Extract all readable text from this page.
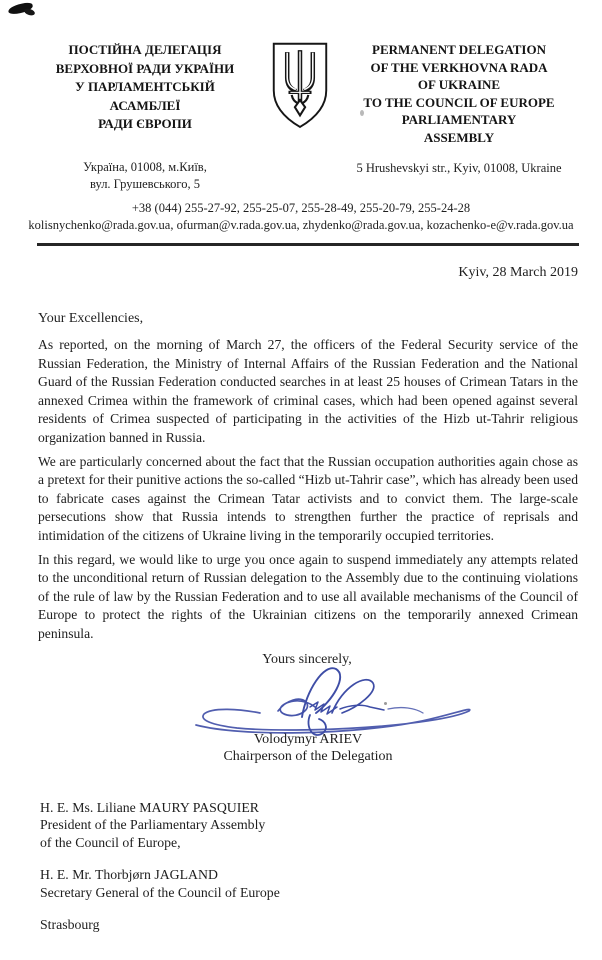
ПОСТІЙНА ДЕЛЕГАЦІЯ
ВЕРХОВНОЇ РАДИ УКРАЇНИ
У ПАРЛАМЕНТСЬКІЙ
АСАМБЛЕЇ
РАДИ ЄВРОПИ
PERMANENT DELEGATION
OF THE VERKHOVNA RADA
OF UKRAINE
TO THE COUNCIL OF EUROPE
PARLIAMENTARY
ASSEMBLY
Україна, 01008, м.Київ,
вул. Грушевського, 5
5 Hrushevskyi str., Kyiv, 01008, Ukraine
+38 (044) 255-27-92, 255-25-07, 255-28-49, 255-20-79, 255-24-28
kolisnychenko@rada.gov.ua, ofurman@v.rada.gov.ua, zhydenko@rada.gov.ua, kozachenko-e@v.rada.gov.ua
Kyiv, 28 March 2019
Your Excellencies,

As reported, on the morning of March 27, the officers of the Federal Security service of the Russian Federation, the Ministry of Internal Affairs of the Russian Federation and the National Guard of the Russian Federation conducted searches in at least 25 houses of Crimean Tatars in the annexed Crimea within the framework of criminal cases, which had been opened against several residents of Crimea suspected of participating in the activities of the Hizb ut-Tahrir religious organization banned in Russia.

We are particularly concerned about the fact that the Russian occupation authorities again chose as a pretext for their punitive actions the so-called “Hizb ut-Tahrir case”, which has already been used to fabricate cases against the Crimean Tatar activists and to convict them. The large-scale persecutions show that Russia intends to strengthen further the practice of reprisals and intimidation of the citizens of Ukraine living in the temporarily occupied territories.

In this regard, we would like to urge you once again to suspend immediately any attempts related to the unconditional return of Russian delegation to the Assembly due to the continuing violations of the rule of law by the Russian Federation and to use all available mechanisms of the Council of Europe to protect the rights of the Ukrainian citizens on the temporarily annexed Crimean peninsula.

Yours sincerely,
Volodymyr ARIEV
Chairperson of the Delegation
H. E. Ms. Liliane MAURY PASQUIER
President of the Parliamentary Assembly
of the Council of Europe,
H. E. Mr. Thorbjørn JAGLAND
Secretary General of the Council of Europe
Strasbourg
